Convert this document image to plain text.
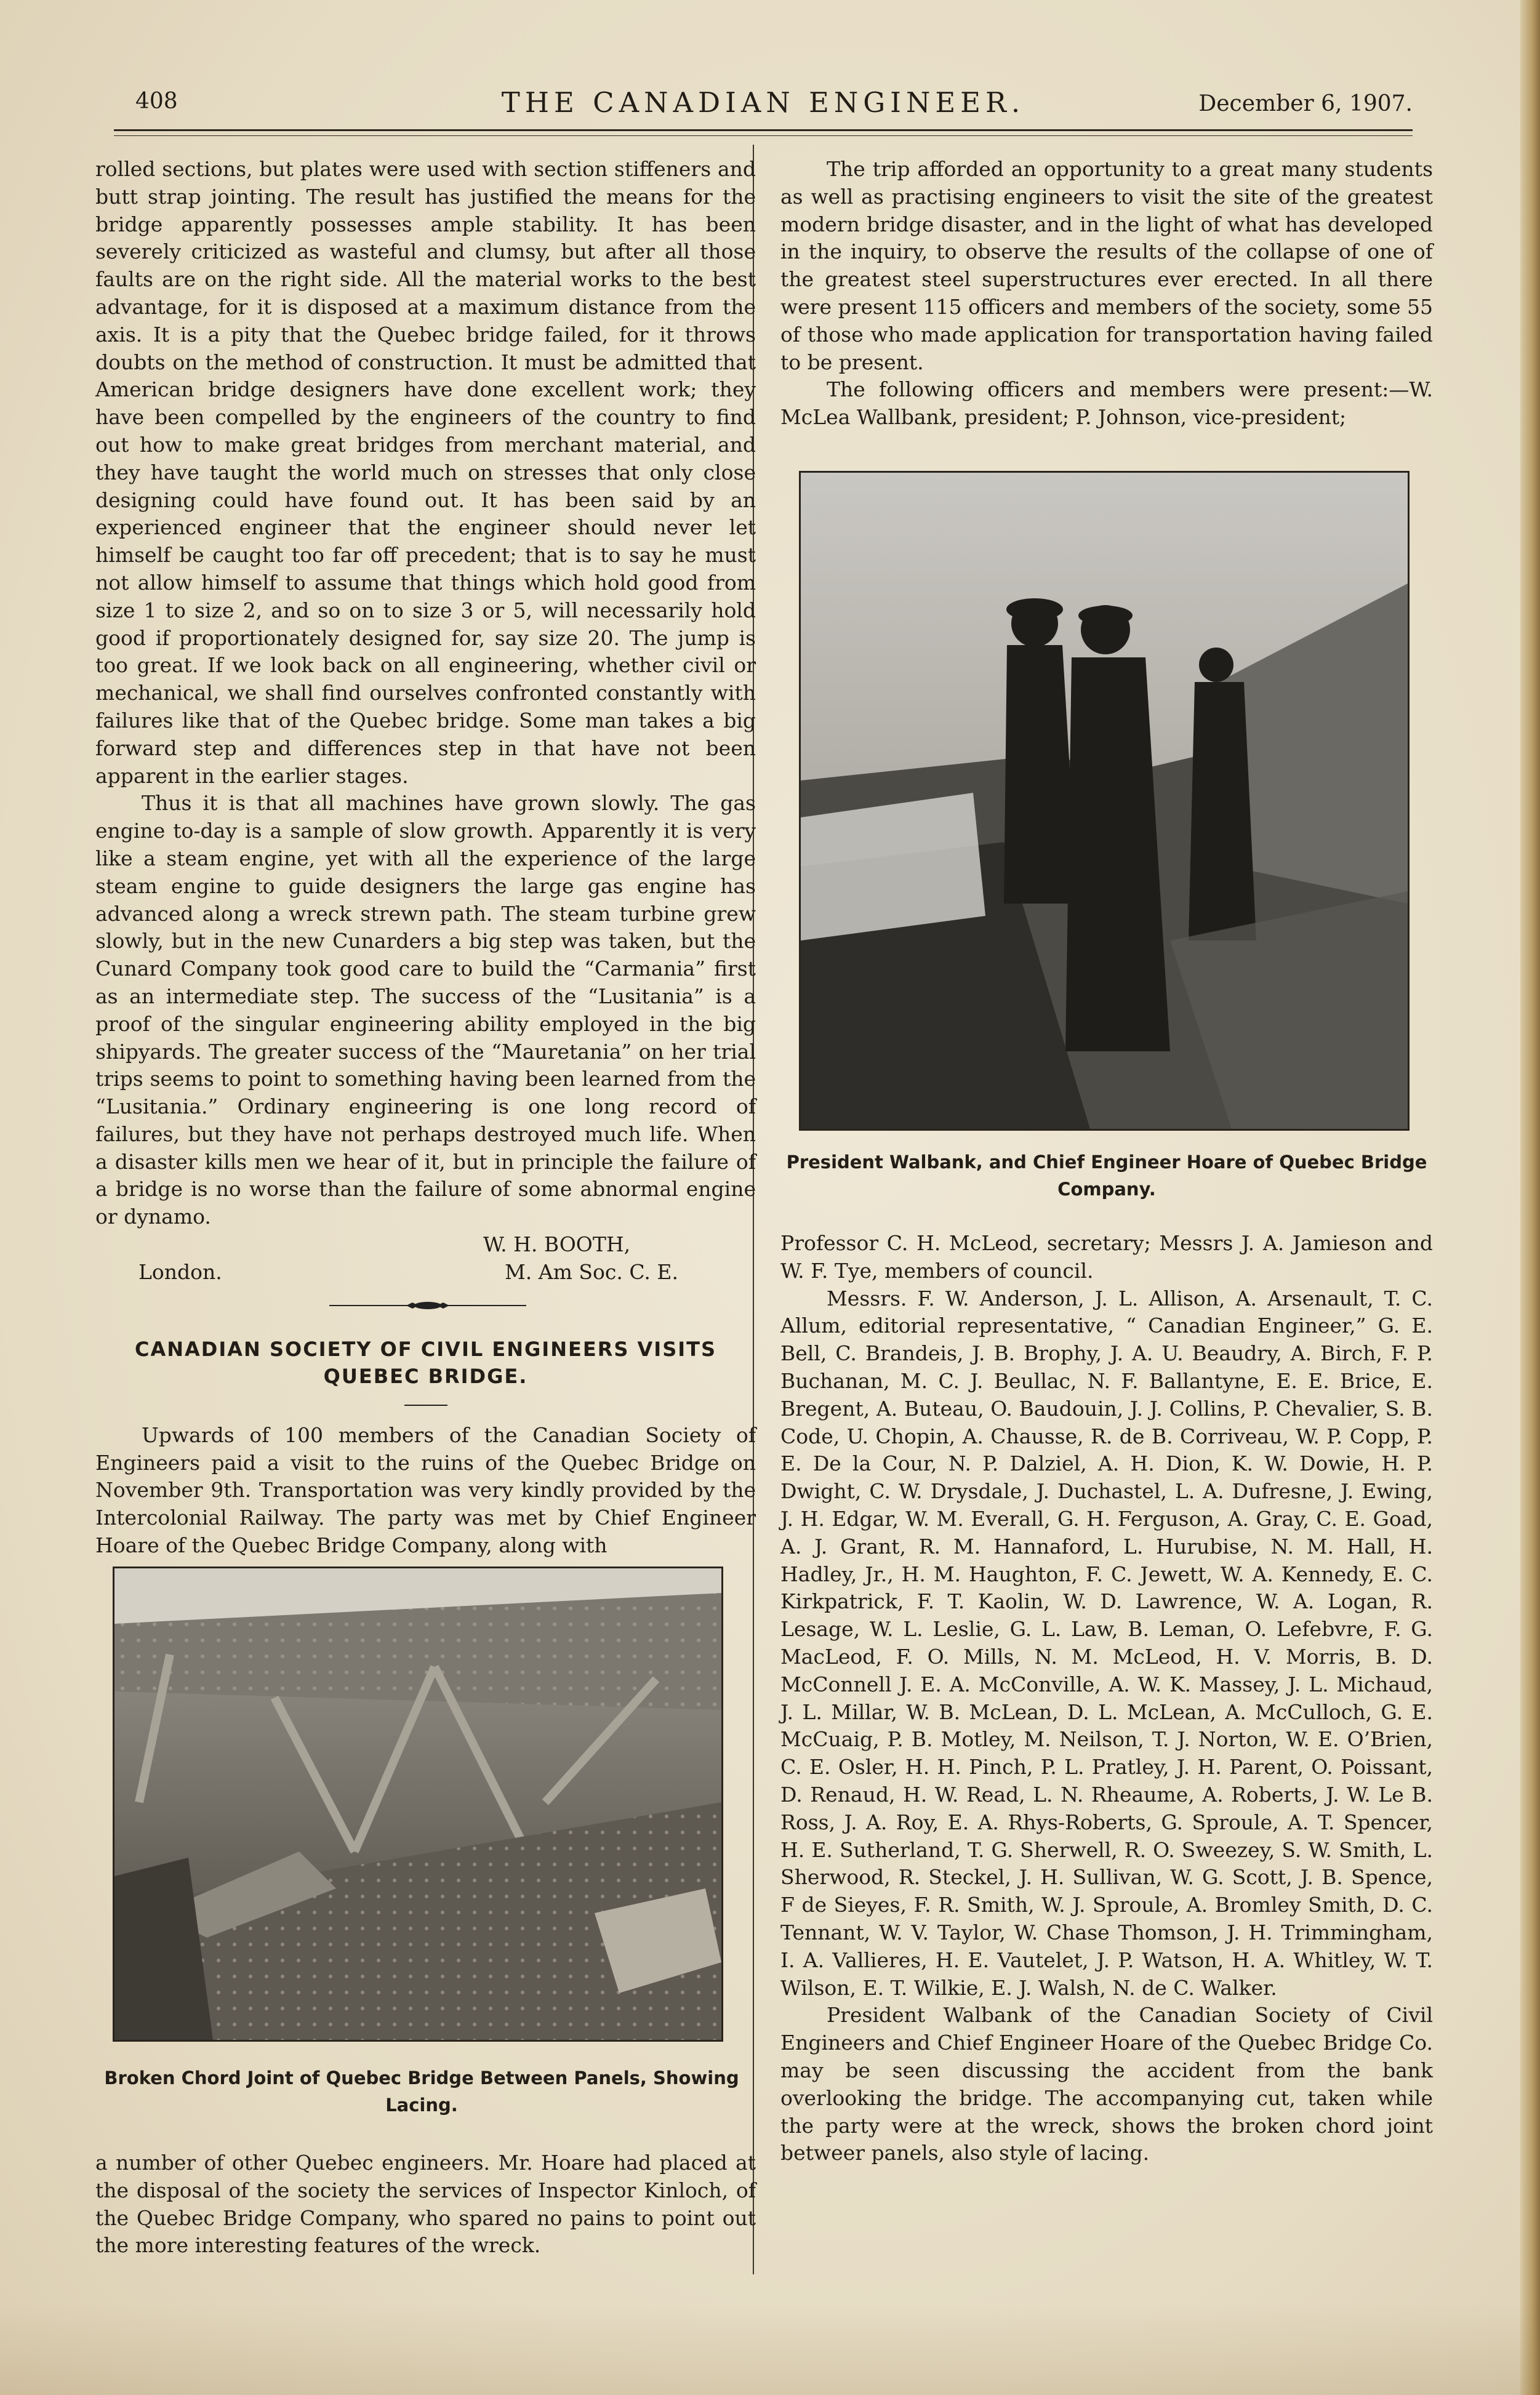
408	THE CANADIAN ENGINEER.	December 6, 1907.

rolled sections, but plates were used with section stiffeners and butt strap jointing. The result has justified the means for the bridge apparently possesses ample stability. It has been severely criticized as wasteful and clumsy, but after all those faults are on the right side. All the material works to the best advantage, for it is disposed at a maximum distance from the axis. It is a pity that the Quebec bridge failed, for it throws doubts on the method of construction. It must be admitted that American bridge designers have done excellent work; they have been compelled by the engineers of the country to find out how to make great bridges from merchant material, and they have taught the world much on stresses that only close designing could have found out. It has been said by an experienced engineer that the engineer should never let himself be caught too far off precedent; that is to say he must not allow himself to assume that things which hold good from size 1 to size 2, and so on to size 3 or 5, will necessarily hold good if proportionately designed for, say size 20. The jump is too great. If we look back on all engineering, whether civil or mechanical, we shall find ourselves confronted constantly with failures like that of the Quebec bridge. Some man takes a big forward step and differences step in that have not been apparent in the earlier stages.

Thus it is that all machines have grown slowly. The gas engine to-day is a sample of slow growth. Apparently it is very like a steam engine, yet with all the experience of the large steam engine to guide designers the large gas engine has advanced along a wreck strewn path. The steam turbine grew slowly, but in the new Cunarders a big step was taken, but the Cunard Company took good care to build the “Carmania” first as an intermediate step. The success of the “Lusitania” is a proof of the singular engineering ability employed in the big shipyards. The greater success of the “Mauretania” on her trial trips seems to point to something having been learned from the “Lusitania.” Ordinary engineering is one long record of failures, but they have not perhaps destroyed much life. When a disaster kills men we hear of it, but in principle the failure of a bridge is no worse than the failure of some abnormal engine or dynamo.

W. H. BOOTH,
London.	M. Am Soc. C. E.
CANADIAN SOCIETY OF CIVIL ENGINEERS VISITS QUEBEC BRIDGE.

Upwards of 100 members of the Canadian Society of Engineers paid a visit to the ruins of the Quebec Bridge on November 9th. Transportation was very kindly provided by the Intercolonial Railway. The party was met by Chief Engineer Hoare of the Quebec Bridge Company, along with

Broken Chord Joint of Quebec Bridge Between Panels, Showing Lacing.

a number of other Quebec engineers. Mr. Hoare had placed at the disposal of the society the services of Inspector Kinloch, of the Quebec Bridge Company, who spared no pains to point out the more interesting features of the wreck.

The trip afforded an opportunity to a great many students as well as practising engineers to visit the site of the greatest modern bridge disaster, and in the light of what has developed in the inquiry, to observe the results of the collapse of one of the greatest steel superstructures ever erected. In all there were present 115 officers and members of the society, some 55 of those who made application for transportation having failed to be present.

The following officers and members were present:—W. McLea Wallbank, president; P. Johnson, vice-president;

President Walbank, and Chief Engineer Hoare of Quebec Bridge Company.

Professor C. H. McLeod, secretary; Messrs J. A. Jamieson and W. F. Tye, members of council.

Messrs. F. W. Anderson, J. L. Allison, A. Arsenault, T. C. Allum, editorial representative, “ Canadian Engineer,” G. E. Bell, C. Brandeis, J. B. Brophy, J. A. U. Beaudry, A. Birch, F. P. Buchanan, M. C. J. Beullac, N. F. Ballantyne, E. E. Brice, E. Bregent, A. Buteau, O. Baudouin, J. J. Collins, P. Chevalier, S. B. Code, U. Chopin, A. Chausse, R. de B. Corriveau, W. P. Copp, P. E. De la Cour, N. P. Dalziel, A. H. Dion, K. W. Dowie, H. P. Dwight, C. W. Drysdale, J. Duchastel, L. A. Dufresne, J. Ewing, J. H. Edgar, W. M. Everall, G. H. Ferguson, A. Gray, C. E. Goad, A. J. Grant, R. M. Hannaford, L. Hurubise, N. M. Hall, H. Hadley, Jr., H. M. Haughton, F. C. Jewett, W. A. Kennedy, E. C. Kirkpatrick, F. T. Kaolin, W. D. Lawrence, W. A. Logan, R. Lesage, W. L. Leslie, G. L. Law, B. Leman, O. Lefebvre, F. G. MacLeod, F. O. Mills, N. M. McLeod, H. V. Morris, B. D. McConnell J. E. A. McConville, A. W. K. Massey, J. L. Michaud, J. L. Millar, W. B. McLean, D. L. McLean, A. McCulloch, G. E. McCuaig, P. B. Motley, M. Neilson, T. J. Norton, W. E. O’Brien, C. E. Osler, H. H. Pinch, P. L. Pratley, J. H. Parent, O. Poissant, D. Renaud, H. W. Read, L. N. Rheaume, A. Roberts, J. W. Le B. Ross, J. A. Roy, E. A. Rhys-Roberts, G. Sproule, A. T. Spencer, H. E. Sutherland, T. G. Sherwell, R. O. Sweezey, S. W. Smith, L. Sherwood, R. Steckel, J. H. Sullivan, W. G. Scott, J. B. Spence, F de Sieyes, F. R. Smith, W. J. Sproule, A. Bromley Smith, D. C. Tennant, W. V. Taylor, W. Chase Thomson, J. H. Trimmingham, I. A. Vallieres, H. E. Vautelet, J. P. Watson, H. A. Whitley, W. T. Wilson, E. T. Wilkie, E. J. Walsh, N. de C. Walker.

President Walbank of the Canadian Society of Civil Engineers and Chief Engineer Hoare of the Quebec Bridge Co. may be seen discussing the accident from the bank overlooking the bridge. The accompanying cut, taken while the party were at the wreck, shows the broken chord joint betweer panels, also style of lacing.
